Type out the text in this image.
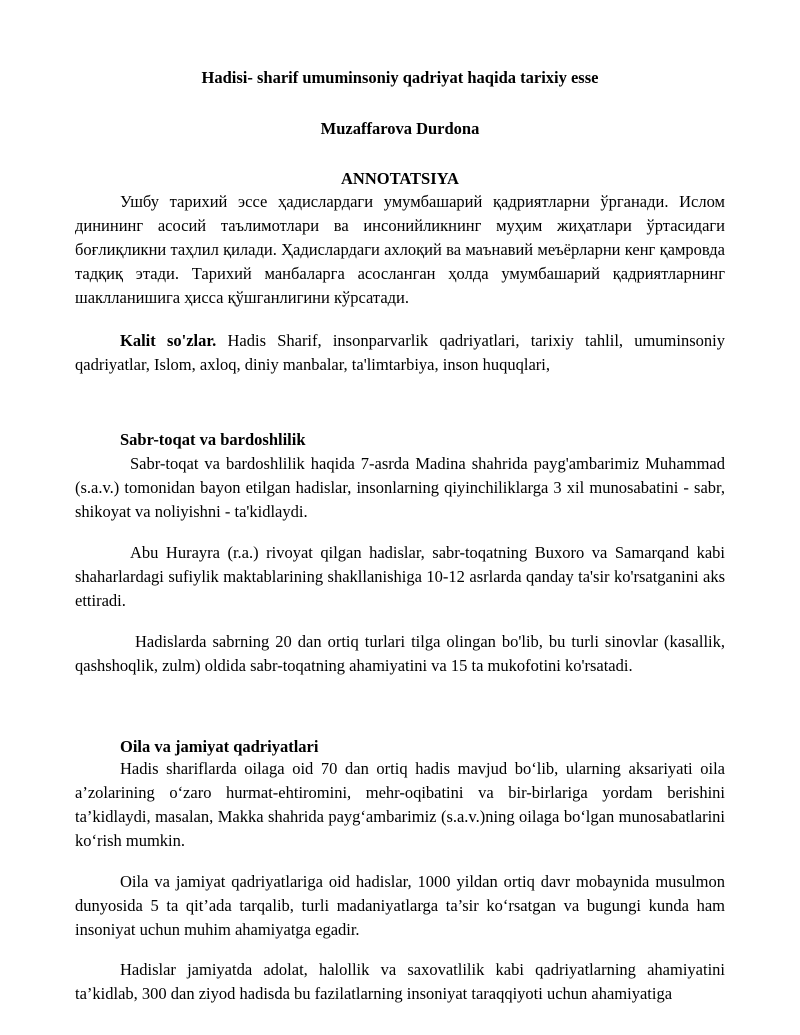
Hadisi- sharif umuminsoniy qadriyat haqida tarixiy esse
Muzaffarova Durdona
ANNOTATSIYA

Ушбу тарихий эссе ҳадислардаги умумбашарий қадриятларни ўрганади. Ислом динининг асосий таълимотлари ва инсонийликнинг муҳим жиҳатлари ўртасидаги боғлиқликни таҳлил қилади. Ҳадислардаги ахлоқий ва маънавий меъёрларни кенг қамровда тадқиқ этади. Тарихий манбаларга асосланган ҳолда умумбашарий қадриятларнинг шаклланишига ҳисса қўшганлигини кўрсатади.

Kalit so'zlar. Hadis Sharif, insonparvarlik qadriyatlari, tarixiy tahlil, umuminsoniy qadriyatlar, Islom, axloq, diniy manbalar, ta'limtarbiya, inson huquqlari,

Sabr-toqat va bardoshlilik

Sabr-toqat va bardoshlilik haqida 7-asrda Madina shahrida payg'ambarimiz Muhammad (s.a.v.) tomonidan bayon etilgan hadislar, insonlarning qiyinchiliklarga 3 xil munosabatini - sabr, shikoyat va noliyishni - ta'kidlaydi.

Abu Hurayra (r.a.) rivoyat qilgan hadislar, sabr-toqatning Buxoro va Samarqand kabi shaharlardagi sufiylik maktablarining shakllanishiga 10-12 asrlarda qanday ta'sir ko'rsatganini aks ettiradi.

Hadislarda sabrning 20 dan ortiq turlari tilga olingan bo'lib, bu turli sinovlar (kasallik, qashshoqlik, zulm) oldida sabr-toqatning ahamiyatini va 15 ta mukofotini ko'rsatadi.

Oila va jamiyat qadriyatlari

Hadis shariflarda oilaga oid 70 dan ortiq hadis mavjud bo‘lib, ularning aksariyati oila a’zolarining o‘zaro hurmat-ehtiromini, mehr-oqibatini va bir-birlariga yordam berishini ta’kidlaydi, masalan, Makka shahrida payg‘ambarimiz (s.a.v.)ning oilaga bo‘lgan munosabatlarini ko‘rish mumkin.

Oila va jamiyat qadriyatlariga oid hadislar, 1000 yildan ortiq davr mobaynida musulmon dunyosida 5 ta qit’ada tarqalib, turli madaniyatlarga ta’sir ko‘rsatgan va bugungi kunda ham insoniyat uchun muhim ahamiyatga egadir.

Hadislar jamiyatda adolat, halollik va saxovatlilik kabi qadriyatlarning ahamiyatini ta’kidlab, 300 dan ziyod hadisda bu fazilatlarning insoniyat taraqqiyoti uchun ahamiyatiga
